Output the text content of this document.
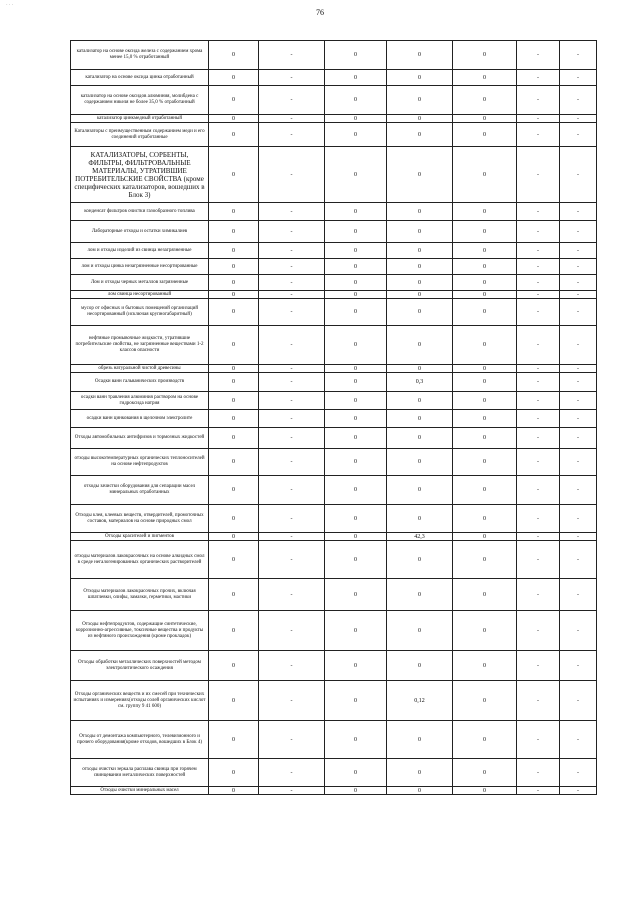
· · ·
76
катализатор на основе оксида железа с содержанием хрома менее 15,0 % отработанный	0	-	0	0	0	-	-
катализатор на основе оксида цинка отработанный	0	-	0	0	0	-	-
катализатор на основе оксидов алюминия, молибдена с содержанием никеля не более 35,0 % отработанный	0	-	0	0	0	-	-
катализатор цинкмедный отработанный	0	-	0	0	0	-	-
Катализаторы с преимущественным содержанием меди и его соединений отработанные	0	-	0	0	0	-	-
КАТАЛИЗАТОРЫ, СОРБЕНТЫ, ФИЛЬТРЫ, ФИЛЬТРОВАЛЬНЫЕ МАТЕРИАЛЫ, УТРАТИВШИЕ ПОТРЕБИТЕЛЬСКИЕ СВОЙСТВА (кроме специфических катализаторов, вошедших в Блок 3)	0	-	0	0	0	-	-
конденсат фильтров очистки газообразного топлива	0	-	0	0	0	-	-
Лабораторные отходы и остатки химикалиев	0	-	0	0	0	-	-
лом и отходы изделий из свинца незагрязненные	0	-	0	0	0	-	-
лом и отходы цинка незагрязненные несортированные	0	-	0	0	0	-	-
Лом и отходы черных металлов загрязненные	0	-	0	0	0	-	-
лом свинца несортированный	0	-	0	0	0	-	-
мусор от офисных и бытовых помещений организаций несортированный (исключая крупногабаритный)	0	-	0	0	0	-	-
нефтяные промывочные жидкости, утратившие потребительские свойства, не загрязненные веществами 1-2 классов опасности	0	-	0	0	0	-	-
обрезь натуральной чистой древесины	0	-	0	0	0	-	-
Осадки ванн гальванических производств	0	-	0	0,3	0	-	-
осадки ванн травления алюминия раствором на основе гидроксида натрия	0	-	0	0	0	-	-
осадки ванн цинкования в щелочном электролите	0	-	0	0	0	-	-
Отходы автомобильных антифризов и тормозных жидкостей	0	-	0	0	0	-	-
отходы высокотемпературных органических теплоносителей на основе нефтепродуктов	0	-	0	0	0	-	-
отходы зачистки оборудования для сепарации масел минеральных отработанных	0	-	0	0	0	-	-
Отходы клея, клеевых веществ, отвердителей, промоточных составов, материалов на основе природных смол	0	-	0	0	0	-	-
Отходы красителей и пигментов	0	-	0	42,3	0	-	-
отходы материалов лакокрасочных на основе алкидных смол в среде негалогенированных органических растворителей	0	-	0	0	0	-	-
Отходы материалов лакокрасочных прочих, включая шпатлевки, олифы, замазки, герметики, мастики	0	-	0	0	0	-	-
Отходы нефтепродуктов, содержащие синтетические, коррозионно-агрессивные, токсичные вещества и продукты из нефтяного происхождения (кроме прокладок)	0	-	0	0	0	-	-
Отходы обработки металлических поверхностей методом электролитического осаждения	0	-	0	0	0	-	-
Отходы органических веществ и их смесей при технических испытаниях и измерениях(отходы солей органических кислот см. группу 9 41 600)	0	-	0	0,12	0	-	-
Отходы от демонтажа компьютерного, телевизионного и прочего оборудования(кроме отходов, вошедших в Блок 4)	0	-	0	0	0	-	-
отходы очистки зеркала расплава свинца при горячем свинцевании металлических поверхностей	0	-	0	0	0	-	-
Отходы очистки минеральных масел	0	-	0	0	0	-	-
